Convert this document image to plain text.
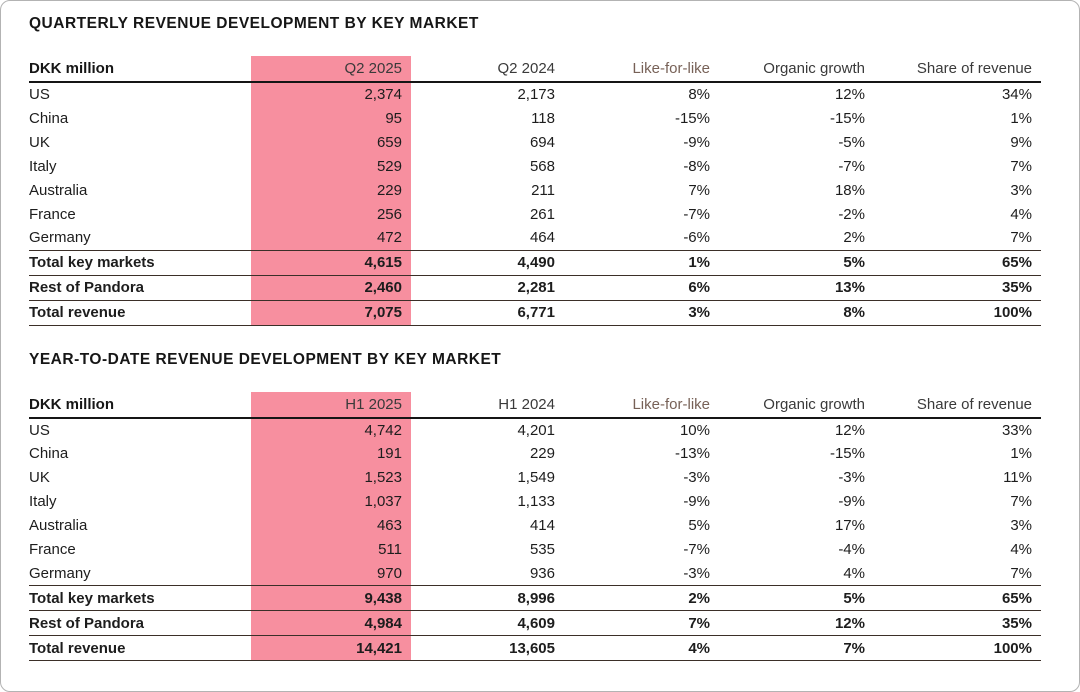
QUARTERLY REVENUE DEVELOPMENT BY KEY MARKET
DKK million	Q2 2025	Q2 2024	Like-for-like	Organic growth	Share of revenue
US	2,374	2,173	8%	12%	34%
China	95	118	-15%	-15%	1%
UK	659	694	-9%	-5%	9%
Italy	529	568	-8%	-7%	7%
Australia	229	211	7%	18%	3%
France	256	261	-7%	-2%	4%
Germany	472	464	-6%	2%	7%
Total key markets	4,615	4,490	1%	5%	65%
Rest of Pandora	2,460	2,281	6%	13%	35%
Total revenue	7,075	6,771	3%	8%	100%
YEAR-TO-DATE REVENUE DEVELOPMENT BY KEY MARKET
DKK million	H1 2025	H1 2024	Like-for-like	Organic growth	Share of revenue
US	4,742	4,201	10%	12%	33%
China	191	229	-13%	-15%	1%
UK	1,523	1,549	-3%	-3%	11%
Italy	1,037	1,133	-9%	-9%	7%
Australia	463	414	5%	17%	3%
France	511	535	-7%	-4%	4%
Germany	970	936	-3%	4%	7%
Total key markets	9,438	8,996	2%	5%	65%
Rest of Pandora	4,984	4,609	7%	12%	35%
Total revenue	14,421	13,605	4%	7%	100%
